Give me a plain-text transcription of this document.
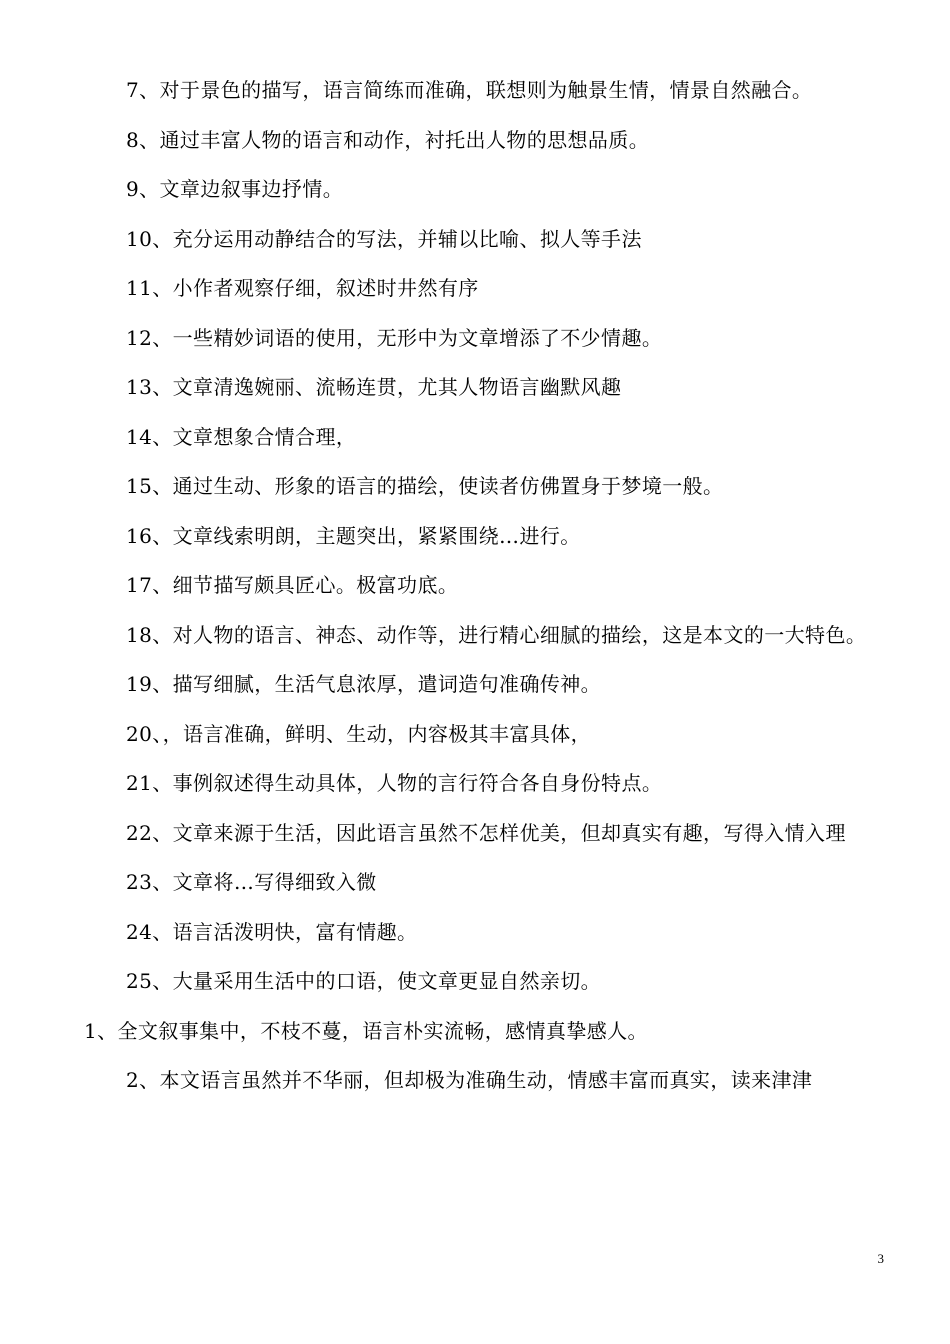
7、对于景色的描写，语言简练而准确，联想则为触景生情，情景自然融合。

8、通过丰富人物的语言和动作，衬托出人物的思想品质。

9、文章边叙事边抒情。

10、充分运用动静结合的写法，并辅以比喻、拟人等手法

11、小作者观察仔细，叙述时井然有序

12、一些精妙词语的使用，无形中为文章增添了不少情趣。

13、文章清逸婉丽、流畅连贯，尤其人物语言幽默风趣

14、文章想象合情合理，

15、通过生动、形象的语言的描绘，使读者仿佛置身于梦境一般。

16、文章线索明朗，主题突出，紧紧围绕…进行。

17、细节描写颇具匠心。极富功底。

18、对人物的语言、神态、动作等，进行精心细腻的描绘，这是本文的一大特色。

19、描写细腻，生活气息浓厚，遣词造句准确传神。

20、，语言准确，鲜明、生动，内容极其丰富具体，

21、事例叙述得生动具体，人物的言行符合各自身份特点。

22、文章来源于生活，因此语言虽然不怎样优美，但却真实有趣，写得入情入理

23、文章将…写得细致入微

24、语言活泼明快，富有情趣。

25、大量采用生活中的口语，使文章更显自然亲切。

1、全文叙事集中，不枝不蔓，语言朴实流畅，感情真挚感人。

2、本文语言虽然并不华丽，但却极为准确生动，情感丰富而真实，读来津津

3
